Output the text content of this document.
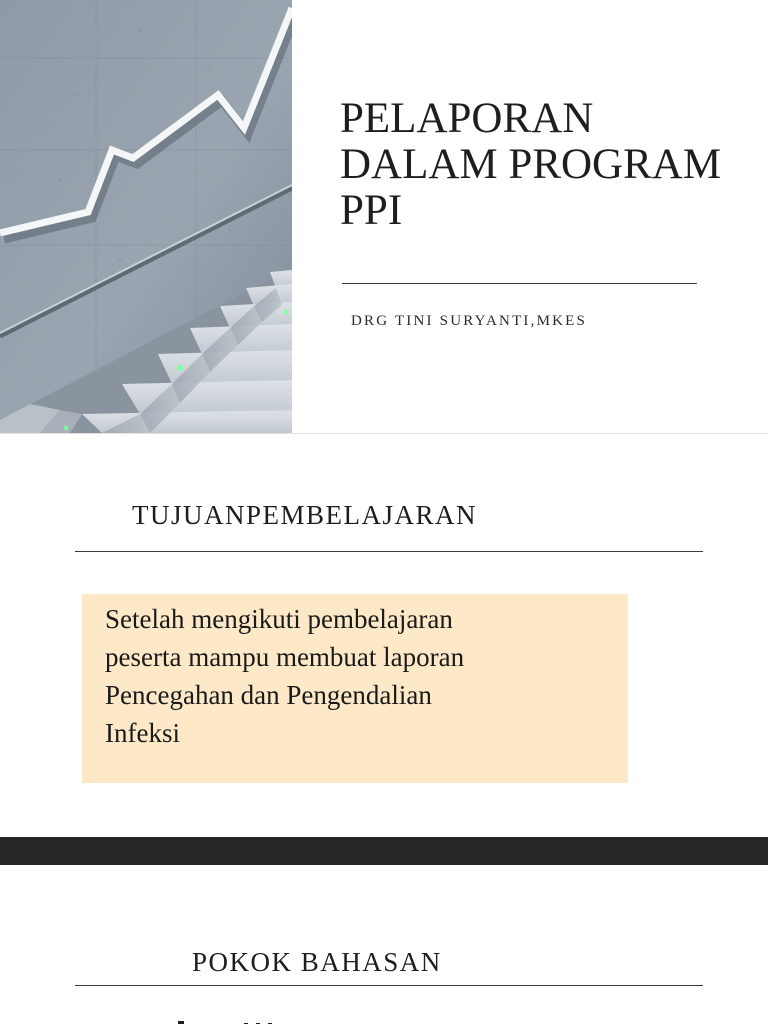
PELAPORAN
DALAM PROGRAM
PPI

DRG TINI SURYANTI,MKES

TUJUANPEMBELAJARAN

Setelah mengikuti pembelajaran
peserta mampu membuat laporan
Pencegahan dan Pengendalian
Infeksi

POKOK BAHASAN
